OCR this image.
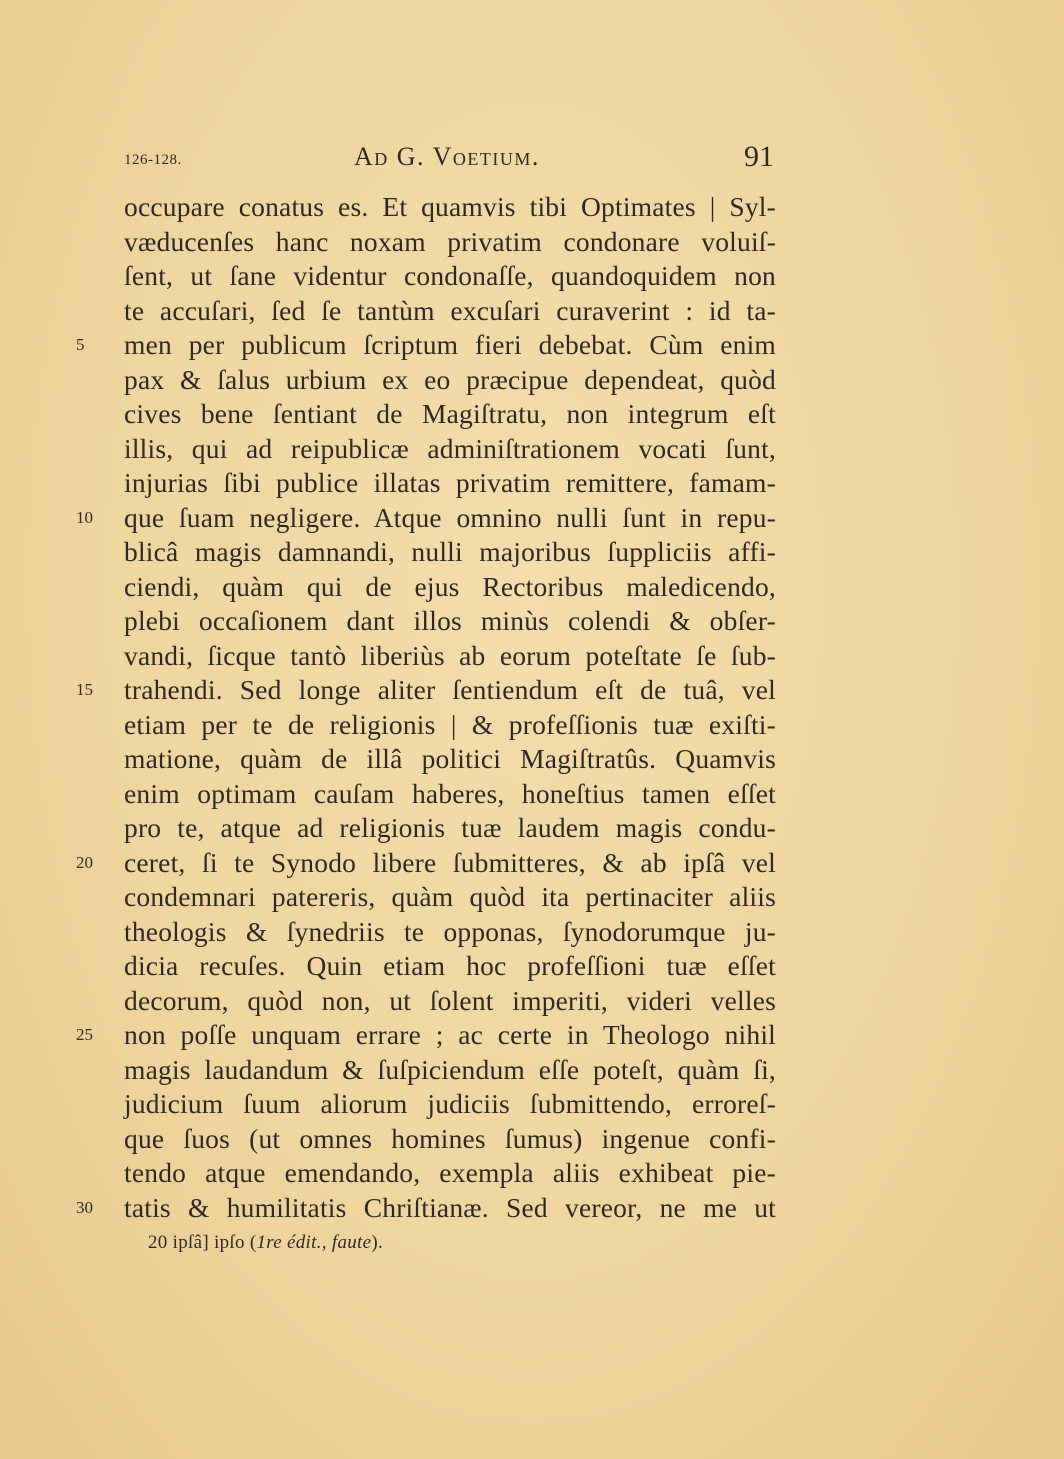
126-128.	Ad G. Voetium.	91
occupare conatus es. Et quamvis tibi Optimates | Syl-
væducenſes hanc noxam privatim condonare voluiſ-
ſent, ut ſane videntur condonaſſe, quandoquidem non
te accuſari, ſed ſe tantùm excuſari curaverint : id ta-
5	men per publicum ſcriptum fieri debebat. Cùm enim
pax & ſalus urbium ex eo præcipue dependeat, quòd
cives bene ſentiant de Magiſtratu, non integrum eſt
illis, qui ad reipublicæ adminiſtrationem vocati ſunt,
injurias ſibi publice illatas privatim remittere, famam-
10	que ſuam negligere. Atque omnino nulli ſunt in repu-
blicâ magis damnandi, nulli majoribus ſuppliciis affi-
ciendi, quàm qui de ejus Rectoribus maledicendo,
plebi occaſionem dant illos minùs colendi & obſer-
vandi, ſicque tantò liberiùs ab eorum poteſtate ſe ſub-
15	trahendi. Sed longe aliter ſentiendum eſt de tuâ, vel
etiam per te de religionis | & profeſſionis tuæ exiſti-
matione, quàm de illâ politici Magiſtratûs. Quamvis
enim optimam cauſam haberes, honeſtius tamen eſſet
pro te, atque ad religionis tuæ laudem magis condu-
20	ceret, ſi te Synodo libere ſubmitteres, & ab ipſâ vel
condemnari patereris, quàm quòd ita pertinaciter aliis
theologis & ſynedriis te opponas, ſynodorumque ju-
dicia recuſes. Quin etiam hoc profeſſioni tuæ eſſet
decorum, quòd non, ut ſolent imperiti, videri velles
25	non poſſe unquam errare ; ac certe in Theologo nihil
magis laudandum & ſuſpiciendum eſſe poteſt, quàm ſi,
judicium ſuum aliorum judiciis ſubmittendo, erroreſ-
que ſuos (ut omnes homines ſumus) ingenue confi-
tendo atque emendando, exempla aliis exhibeat pie-
30	tatis & humilitatis Chriſtianæ. Sed vereor, ne me ut
20 ipſâ] ipſo (1re édit., faute).
